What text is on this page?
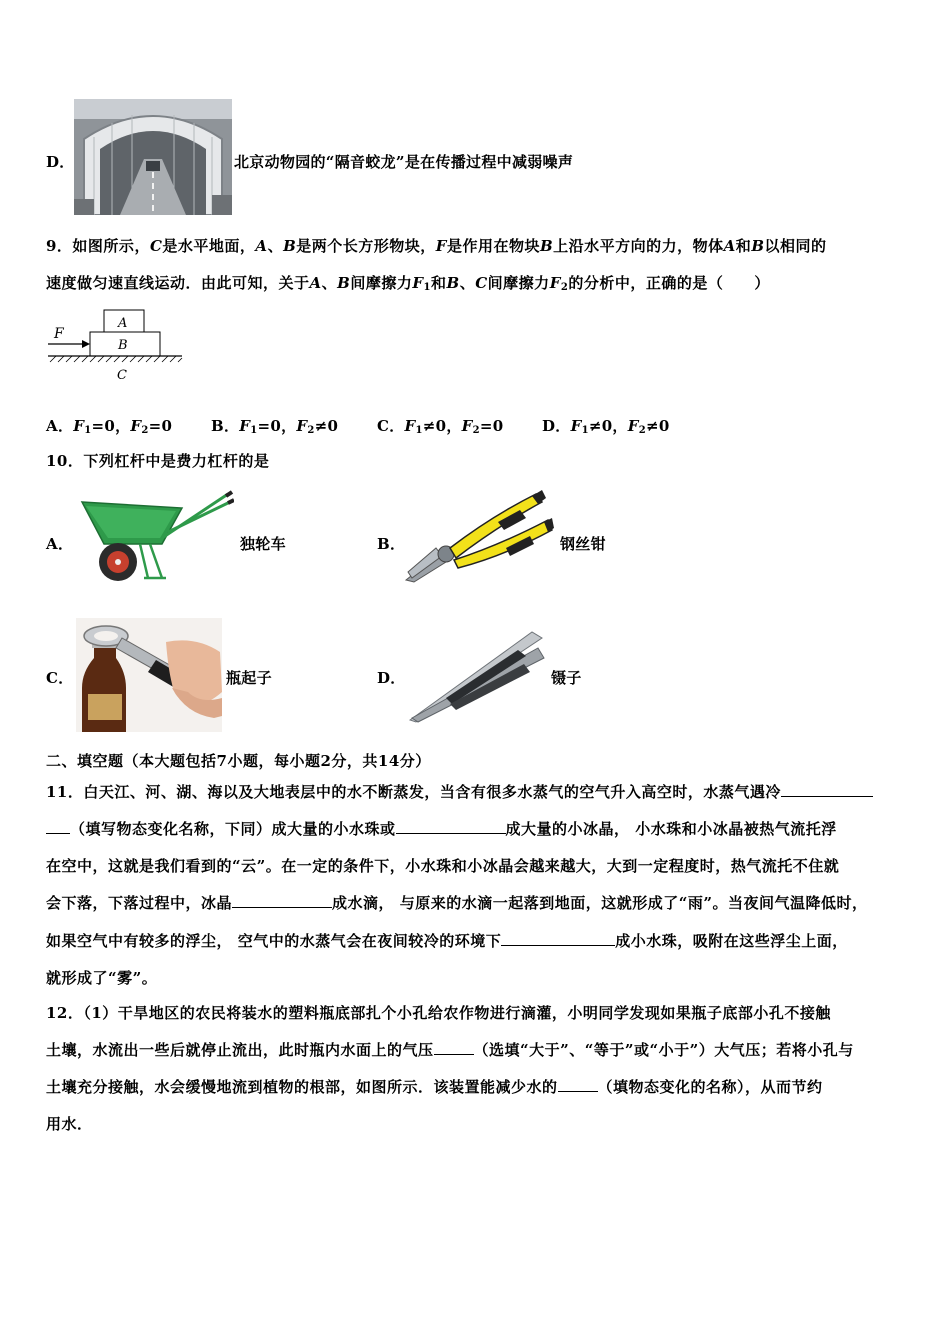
D．	北京动物园的“隔音蛟龙”是在传播过程中减弱噪声
9．如图所示，C是水平地面，A、B是两个长方形物块，F是作用在物块B上沿水平方向的力，物体A和B以相同的
速度做匀速直线运动．由此可知，关于A、B间摩擦力$F_1$和B、C间摩擦力$F_2$的分析中，正确的是（　　）
F
A
B
C
A．$F_1=0$，$F_2=0$	B．$F_1=0$，$F_2\ne 0$	C．$F_1\ne 0$，$F_2=0$	D．$F_1\ne 0$，$F_2\ne 0$
10．下列杠杆中是费力杠杆的是
A．	独轮车	B．	钢丝钳
C．	瓶起子	D．	镊子
二、填空题（本大题包括7小题，每小题2分，共14分）
11．白天江、河、湖、海以及大地表层中的水不断蒸发，当含有很多水蒸气的空气升入高空时，水蒸气遇冷
（填写物态变化名称，下同）成大量的小水珠或	成大量的小冰晶， 小水珠和小冰晶被热气流托浮
在空中，这就是我们看到的“云”。在一定的条件下，小水珠和小冰晶会越来越大，大到一定程度时，热气流托不住就
会下落，下落过程中，冰晶	成水滴， 与原来的水滴一起落到地面，这就形成了“雨”。当夜间气温降低时，
如果空气中有较多的浮尘， 空气中的水蒸气会在夜间较冷的环境下	成小水珠，吸附在这些浮尘上面，
就形成了“雾”。
12．（1）干旱地区的农民将装水的塑料瓶底部扎个小孔给农作物进行滴灌，小明同学发现如果瓶子底部小孔不接触
土壤，水流出一些后就停止流出，此时瓶内水面上的气压	（选填“大于”、“等于”或“小于”）大气压；若将小孔与
土壤充分接触，水会缓慢地流到植物的根部，如图所示．该装置能减少水的	（填物态变化的名称），从而节约
用水．
